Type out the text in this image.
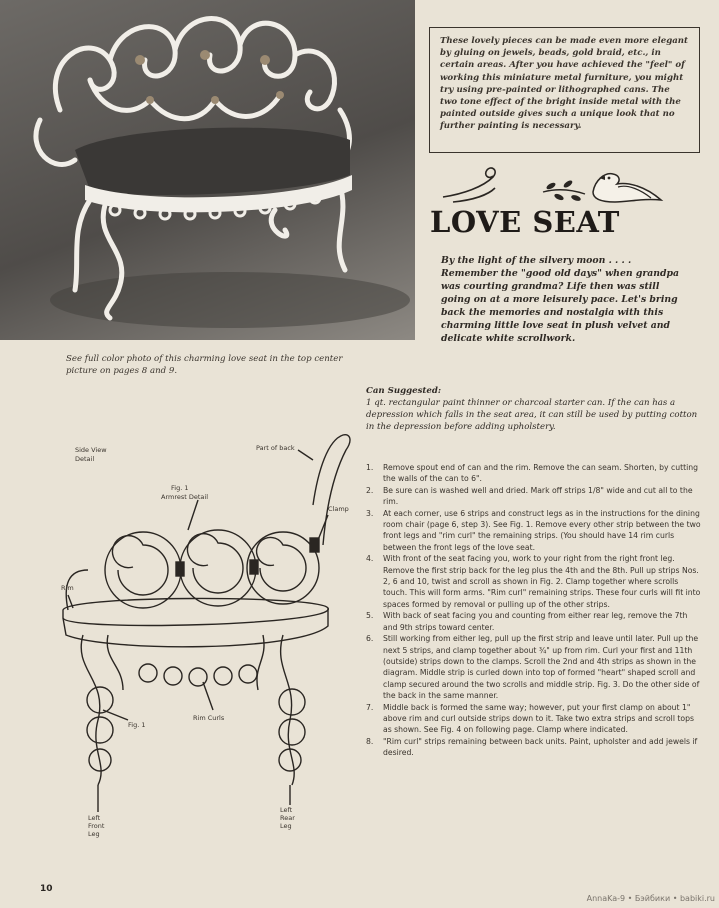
See full color photo of this charming love seat in the top center picture on pages 8 and 9.
These lovely pieces can be made even more elegant by gluing on jewels, beads, gold braid, etc., in certain areas. After you have achieved the "feel" of working this miniature metal furniture, you might try using pre-painted or lithographed cans. The two tone effect of the bright inside metal with the painted outside gives such a unique look that no further painting is necessary.
LOVE SEAT
By the light of the silvery moon . . . . Remember the "good old days" when grandpa was courting grandma? Life then was still going on at a more leisurely pace. Let's bring back the memories and nostalgia with this charming little love seat in plush velvet and delicate white scrollwork.
Side View
Detail
Part of back
Fig. 1
Armrest Detail
Clamp
Rim
Fig. 1
Rim Curls
Left
Front
Leg
Left
Rear
Leg
Can Suggested:
1 qt. rectangular paint thinner or charcoal starter can. If the can has a depression which falls in the seat area, it can still be used by putting cotton in the depression before adding upholstery.
1. Remove spout end of can and the rim. Remove the can seam. Shorten, by cutting the walls of the can to 6".
2. Be sure can is washed well and dried. Mark off strips 1/8" wide and cut all to the rim.
3. At each corner, use 6 strips and construct legs as in the instructions for the dining room chair (page 6, step 3). See Fig. 1. Remove every other strip between the two front legs and "rim curl" the remaining strips. (You should have 14 rim curls between the front legs of the love seat.
4. With front of the seat facing you, work to your right from the right front leg. Remove the first strip back for the leg plus the 4th and the 8th. Pull up strips Nos. 2, 6 and 10, twist and scroll as shown in Fig. 2. Clamp together where scrolls touch. This will form arms. "Rim curl" remaining strips. These four curls will fit into spaces formed by removal or pulling up of the other strips.
5. With back of seat facing you and counting from either rear leg, remove the 7th and 9th strips toward center.
6. Still working from either leg, pull up the first strip and leave until later. Pull up the next 5 strips, and clamp together about ¾" up from rim. Curl your first and 11th (outside) strips down to the clamps. Scroll the 2nd and 4th strips as shown in the diagram. Middle strip is curled down into top of formed "heart" shaped scroll and clamp secured around the two scrolls and middle strip. Fig. 3. Do the other side of the back in the same manner.
7. Middle back is formed the same way; however, put your first clamp on about 1" above rim and curl outside strips down to it. Take two extra strips and scroll tops as shown. See Fig. 4 on following page. Clamp where indicated.
8. "Rim curl" strips remaining between back units. Paint, upholster and add jewels if desired.
10
AnnaKa-9 • Бэйбики • babiki.ru
